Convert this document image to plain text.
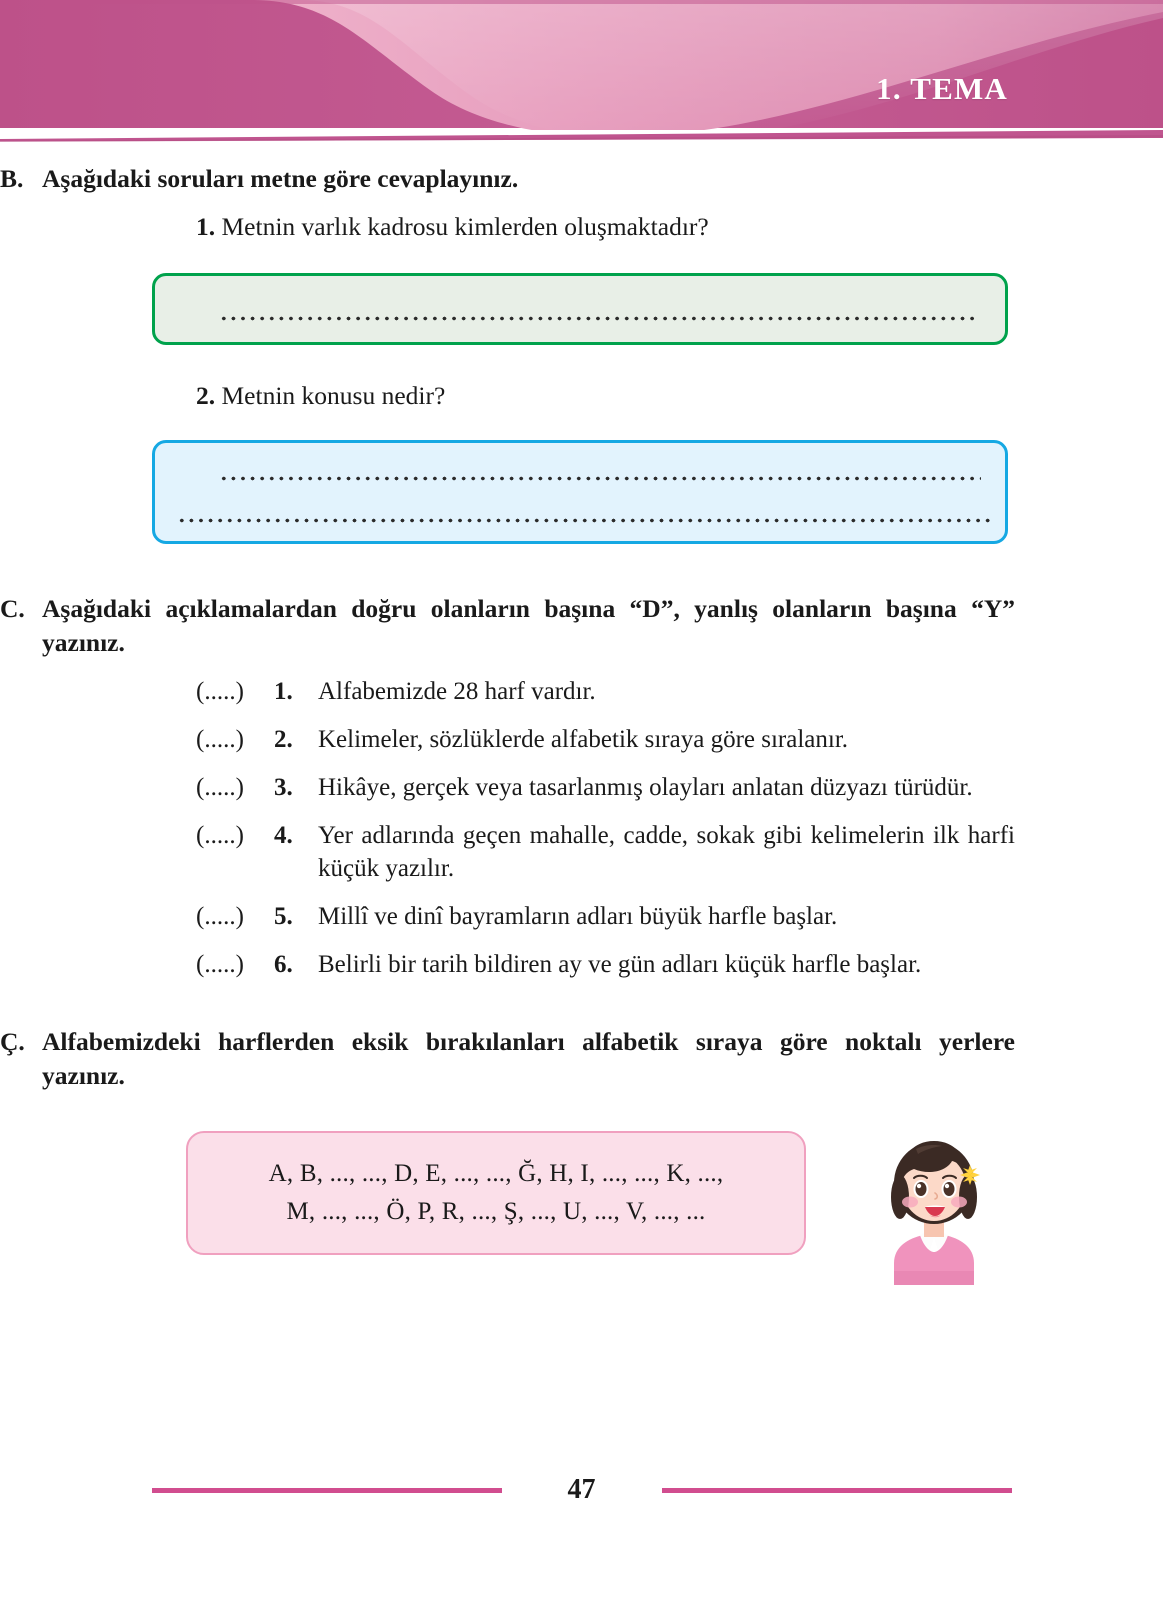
1. TEMA
B. Aşağıdaki soruları metne göre cevaplayınız.
1. Metnin varlık kadrosu kimlerden oluşmaktadır?
2. Metnin konusu nedir?
C. Aşağıdaki açıklamalardan doğru olanların başına “D”, yanlış olanların başına “Y” yazınız.
(.....)	1.	Alfabemizde 28 harf vardır.
(.....)	2.	Kelimeler, sözlüklerde alfabetik sıraya göre sıralanır.
(.....)	3.	Hikâye, gerçek veya tasarlanmış olayları anlatan düzyazı türüdür.
(.....)	4.	Yer adlarında geçen mahalle, cadde, sokak gibi kelimelerin ilk harfi küçük yazılır.
(.....)	5.	Millî ve dinî bayramların adları büyük harfle başlar.
(.....)	6.	Belirli bir tarih bildiren ay ve gün adları küçük harfle başlar.
Ç. Alfabemizdeki harflerden eksik bırakılanları alfabetik sıraya göre noktalı yerlere yazınız.
A, B, ..., ..., D, E, ..., ..., Ğ, H, I, ..., ..., K, ...,
M, ..., ..., Ö, P, R, ..., Ş, ..., U, ..., V, ..., ...
47
